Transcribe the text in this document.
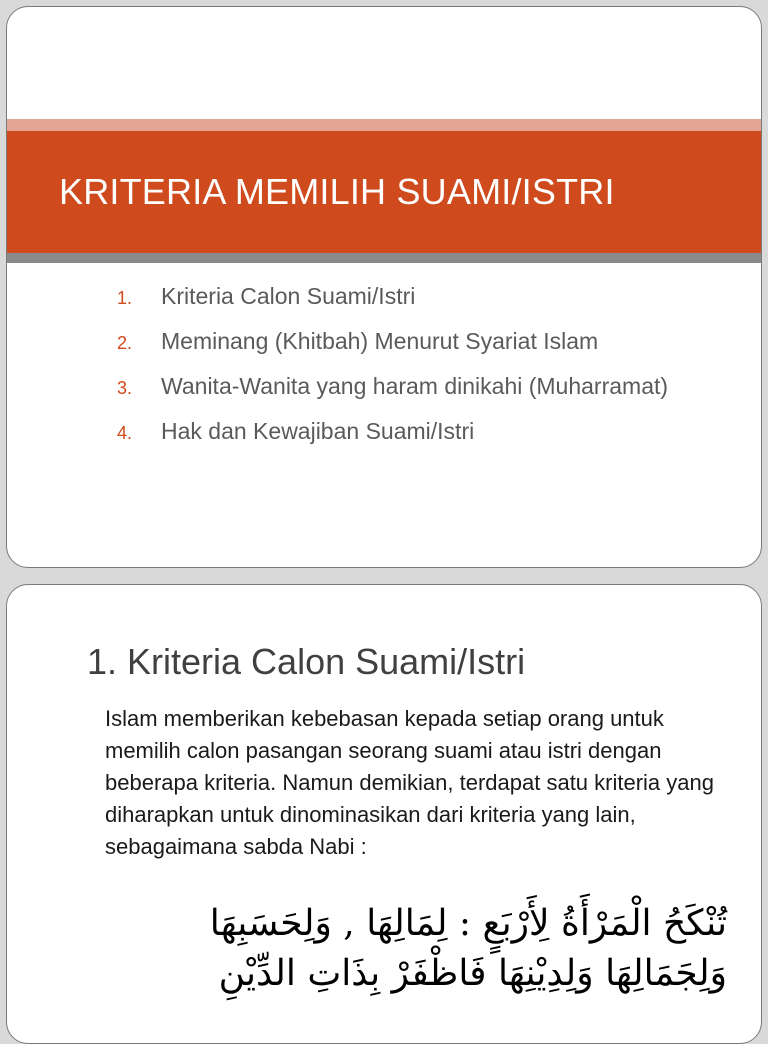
KRITERIA MEMILIH SUAMI/ISTRI
1. Kriteria Calon Suami/Istri
2. Meminang (Khitbah) Menurut Syariat Islam
3. Wanita-Wanita yang haram dinikahi (Muharramat)
4. Hak dan Kewajiban Suami/Istri
1. Kriteria Calon Suami/Istri

Islam memberikan kebebasan kepada setiap orang untuk memilih calon pasangan seorang suami atau istri dengan beberapa kriteria. Namun demikian, terdapat satu kriteria yang diharapkan untuk dinominasikan dari kriteria yang lain, sebagaimana sabda Nabi :

تُنْكَحُ الْمَرْأَةُ لِأَرْبَعٍ : لِمَالِهَا , وَلِحَسَبِهَا
وَلِجَمَالِهَا وَلِدِيْنِهَا فَاظْفَرْ بِذَاتِ الدِّيْنِ
